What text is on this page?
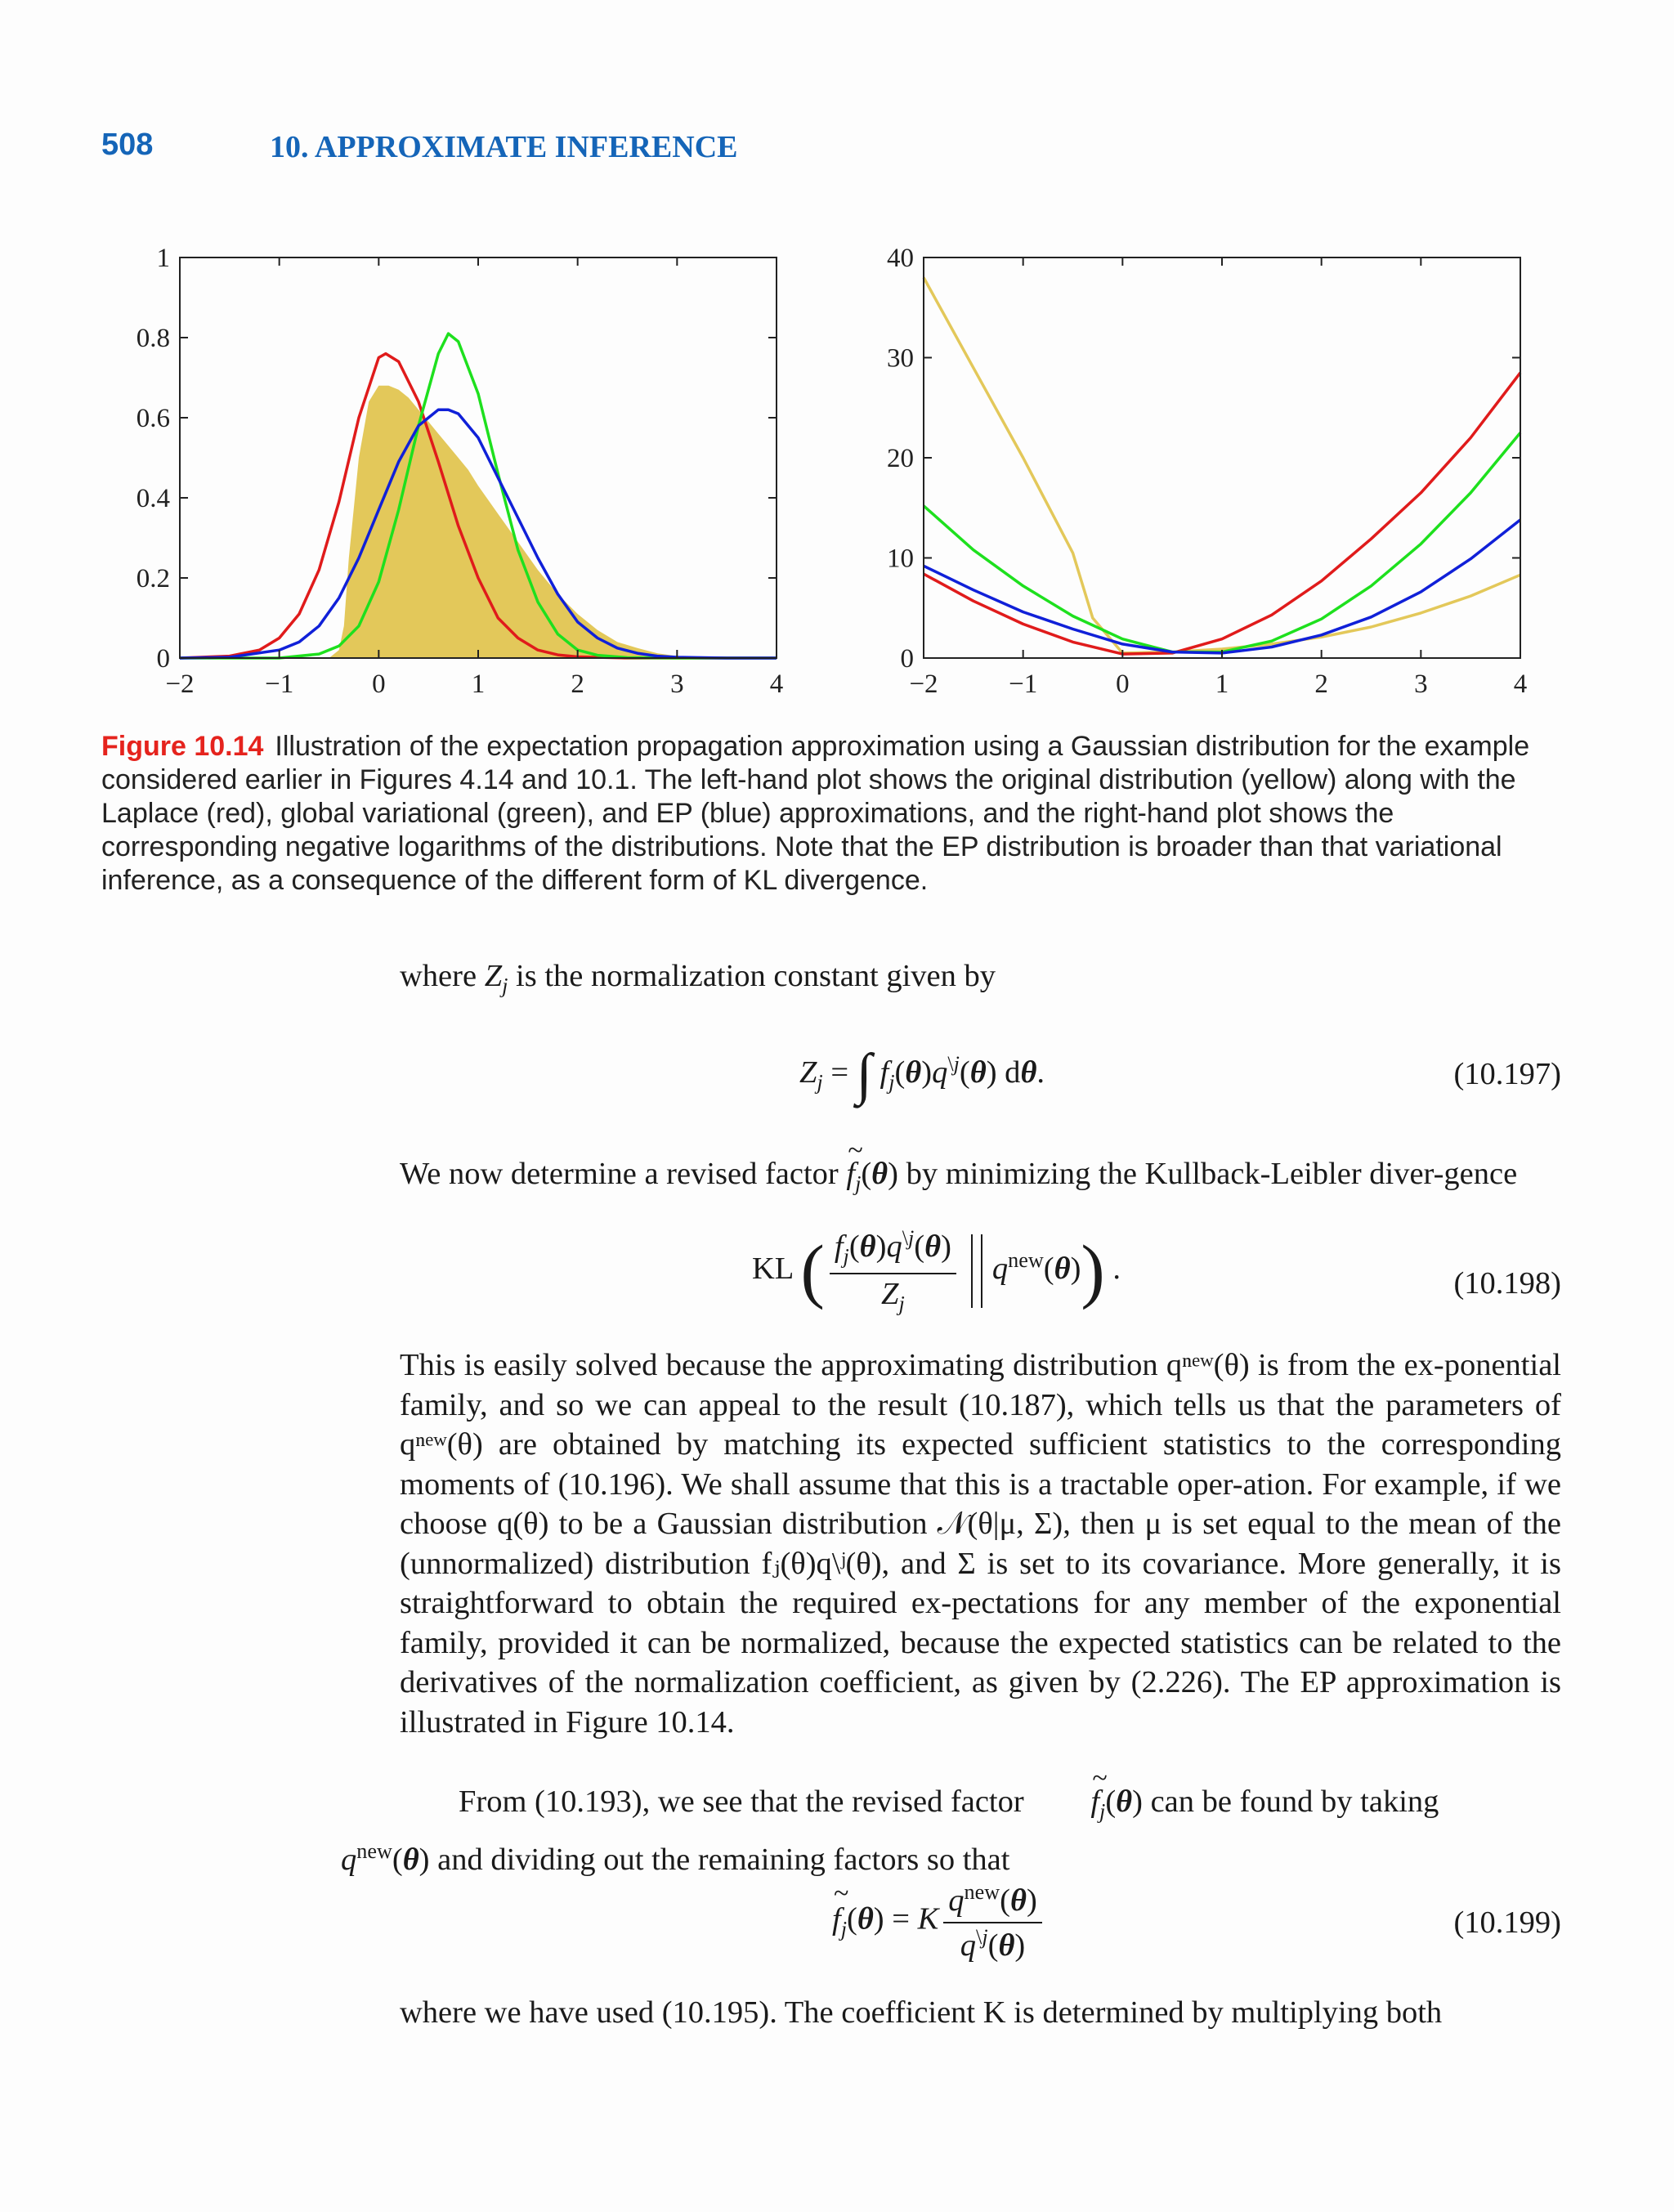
508	10. APPROXIMATE INFERENCE
−2	−1	0	1	2	3	4
0
0.2
0.4
0.6
0.8
1
−2	−1	0	1	2	3	4
0
10
20
30
40
Figure 10.14 Illustration of the expectation propagation approximation using a Gaussian distribution for the example considered earlier in Figures 4.14 and 10.1. The left-hand plot shows the original distribution (yellow) along with the Laplace (red), global variational (green), and EP (blue) approximations, and the right-hand plot shows the corresponding negative logarithms of the distributions. Note that the EP distribution is broader than that variational inference, as a consequence of the different form of KL divergence.
where $Z_j$ is the normalization constant given by
$Z_j$ = ∫ $f_j(\theta)q^{\backslash j}(\theta)$ dθ.	(10.197)
We now determine a revised factor ~ $f_j(\theta)$ by minimizing the Kullback-Leibler diver-gence
KL ( $\frac{f_j(\theta)q^{\backslash j}(\theta)}{Z_j} q^{new}(\theta)$) .	(10.198)
This is easily solved because the approximating distribution qⁿᵉʷ(θ) is from the ex-ponential family, and so we can appeal to the result (10.187), which tells us that the parameters of qⁿᵉʷ(θ) are obtained by matching its expected sufficient statistics to the corresponding moments of (10.196). We shall assume that this is a tractable oper-ation. For example, if we choose q(θ) to be a Gaussian distribution 𝒩(θ|μ, Σ), then μ is set equal to the mean of the (unnormalized) distribution fⱼ(θ)q\ʲ(θ), and Σ is set to its covariance. More generally, it is straightforward to obtain the required ex-pectations for any member of the exponential family, provided it can be normalized, because the expected statistics can be related to the derivatives of the normalization coefficient, as given by (2.226). The EP approximation is illustrated in Figure 10.14.
From (10.193), we see that the revised factor ~ $f_j(\theta)$ can be found by taking
$q^{new}(\theta)$ and dividing out the remaining factors so that
~ $f_j(\theta) = K \frac{q^{new}(\theta)}{q^{\backslash j}(\theta)}$	(10.199)
where we have used (10.195). The coefficient K is determined by multiplying both
